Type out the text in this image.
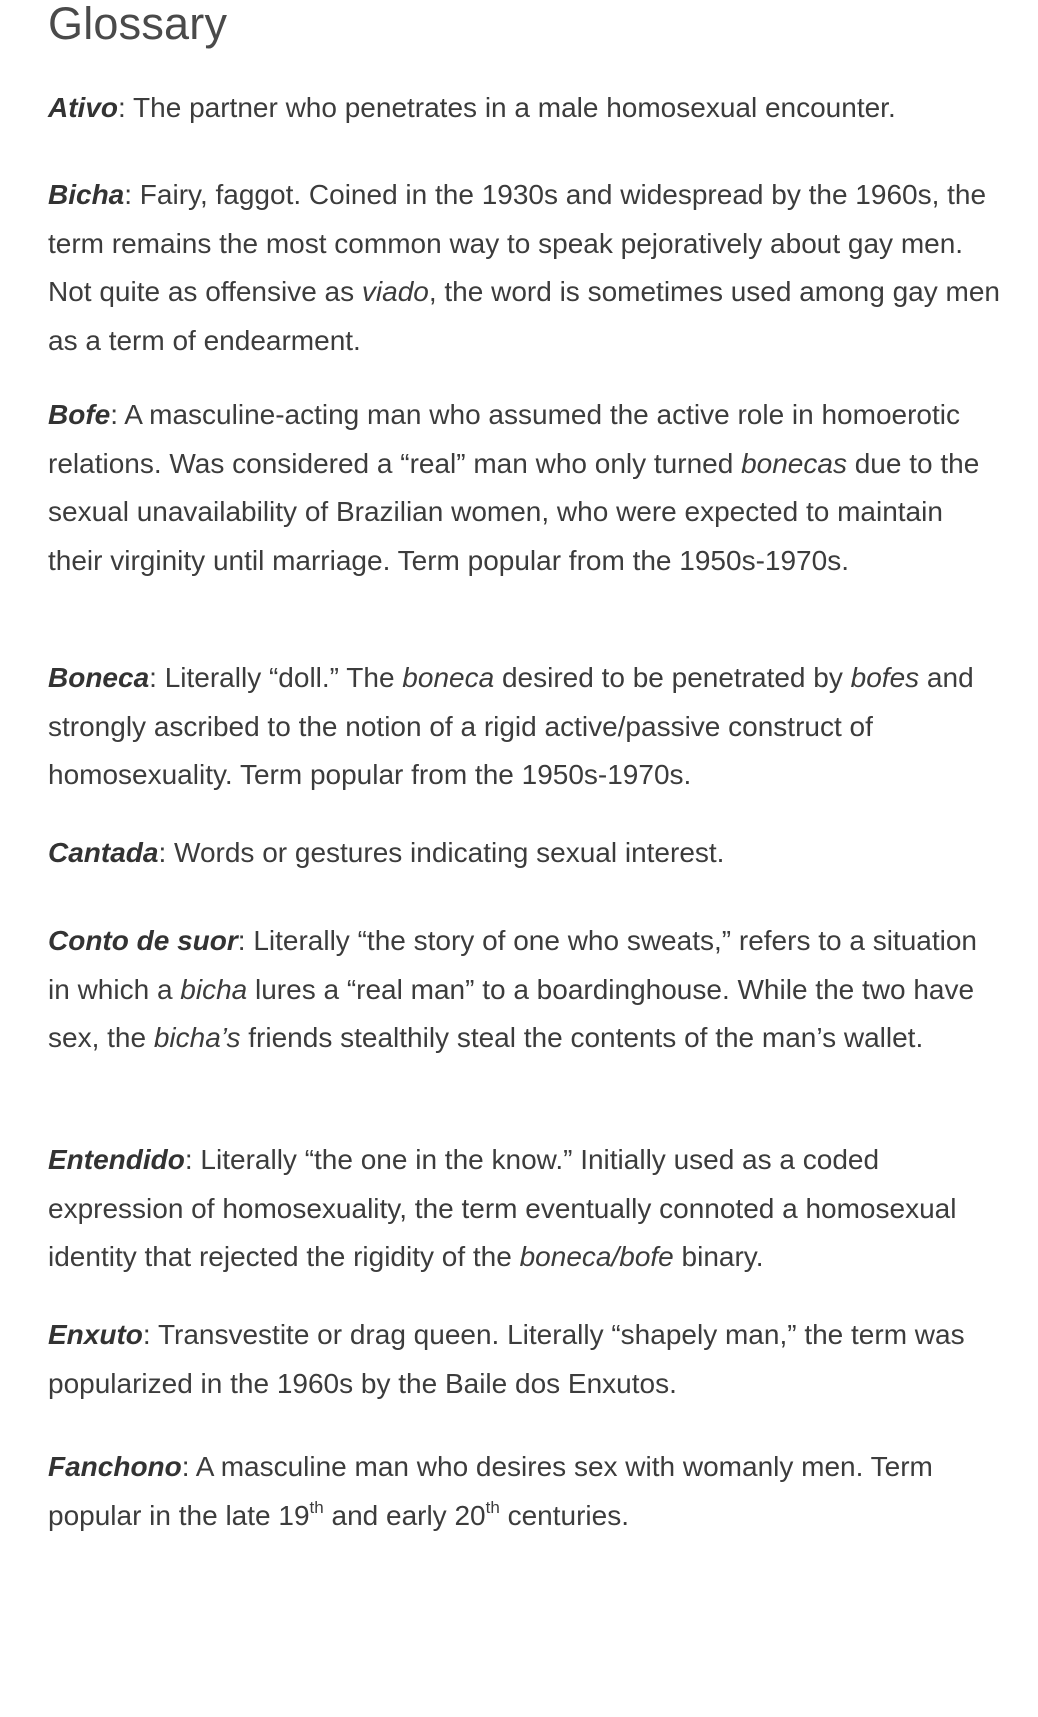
Glossary

Ativo: The partner who penetrates in a male homosexual encounter.

Bicha: Fairy, faggot. Coined in the 1930s and widespread by the 1960s, the term remains the most common way to speak pejoratively about gay men. Not quite as offensive as viado, the word is sometimes used among gay men as a term of endearment.

Bofe: A masculine-acting man who assumed the active role in homoerotic relations. Was considered a “real” man who only turned bonecas due to the sexual unavailability of Brazilian women, who were expected to maintain their virginity until marriage. Term popular from the 1950s-1970s.

Boneca: Literally “doll.” The boneca desired to be penetrated by bofes and strongly ascribed to the notion of a rigid active/passive construct of homosexuality. Term popular from the 1950s-1970s.

Cantada: Words or gestures indicating sexual interest.

Conto de suor: Literally “the story of one who sweats,” refers to a situation in which a bicha lures a “real man” to a boardinghouse. While the two have sex, the bicha’s friends stealthily steal the contents of the man’s wallet.

Entendido: Literally “the one in the know.” Initially used as a coded expression of homosexuality, the term eventually connoted a homosexual identity that rejected the rigidity of the boneca/bofe binary.

Enxuto: Transvestite or drag queen. Literally “shapely man,” the term was popularized in the 1960s by the Baile dos Enxutos.

Fanchono: A masculine man who desires sex with womanly men. Term popular in the late 19th and early 20th centuries.
